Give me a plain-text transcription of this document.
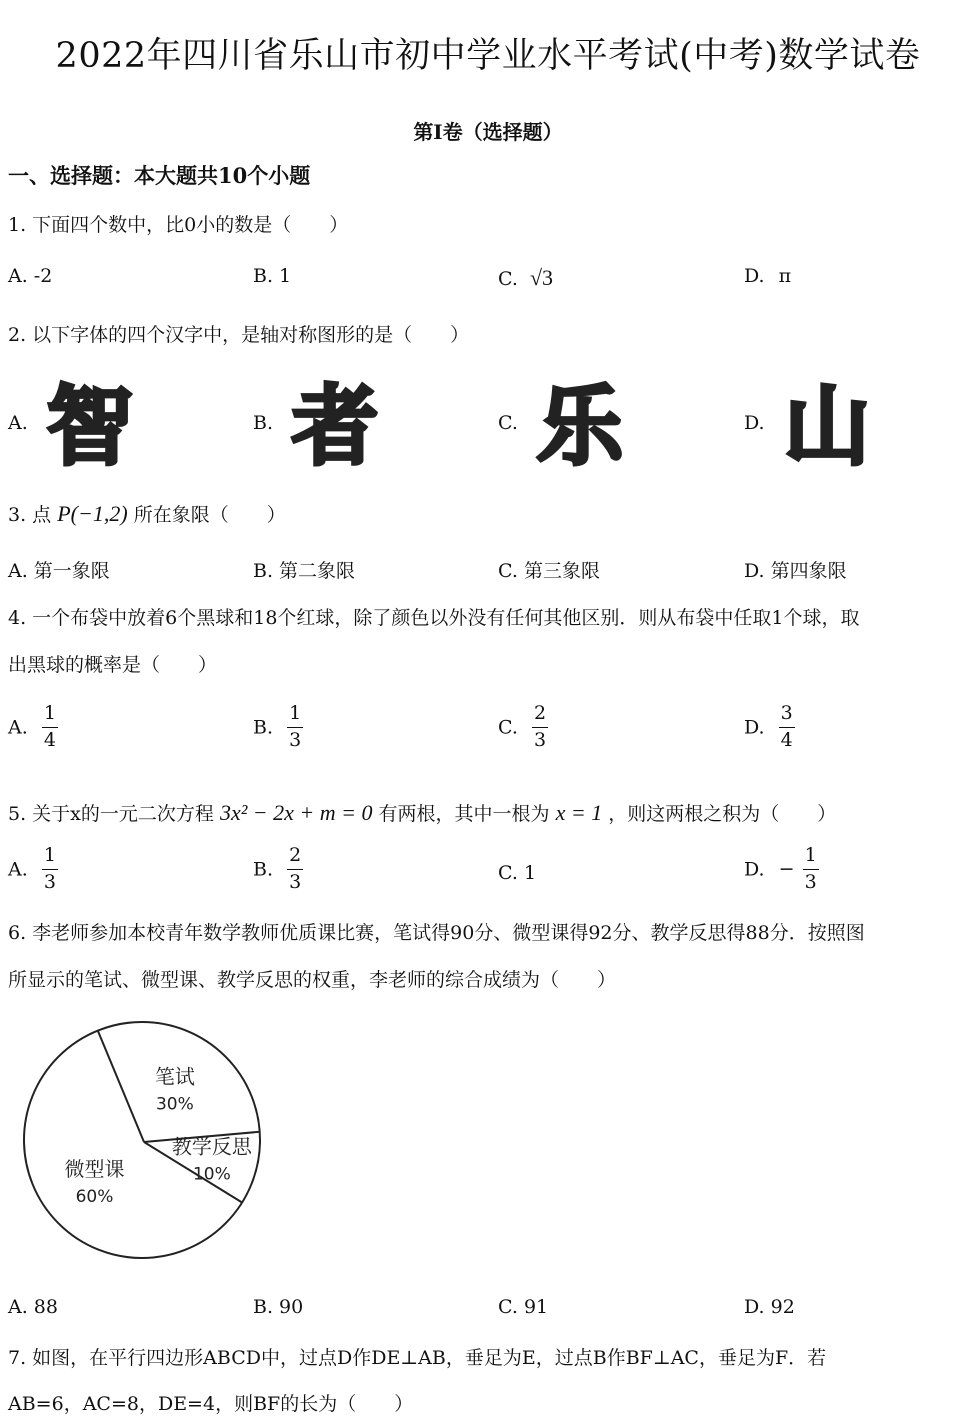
2022年四川省乐山市初中学业水平考试(中考)数学试卷
第Ⅰ卷（选择题）
一、选择题：本大题共10个小题
1. 下面四个数中，比0小的数是（　　）
A. -2	B. 1	C. √3	D. π
2. 以下字体的四个汉字中，是轴对称图形的是（　　）
A. 智	B. 者	C. 乐	D. 山
3. 点 P(−1,2) 所在象限（　　）
A. 第一象限	B. 第二象限	C. 第三象限	D. 第四象限
4. 一个布袋中放着6个黑球和18个红球，除了颜色以外没有任何其他区别．则从布袋中任取1个球，取
出黑球的概率是（　　）
A. $\frac{1}{4}$	B. $\frac{1}{3}$	C. $\frac{2}{3}$	D. $\frac{3}{4}$
5. 关于x的一元二次方程 3x² − 2x + m = 0 有两根，其中一根为 x = 1 ，则这两根之积为（　　）
A. $\frac{1}{3}$	B. $\frac{2}{3}$	C. 1	D. − $\frac{1}{3}$
6. 李老师参加本校青年数学教师优质课比赛，笔试得90分、微型课得92分、教学反思得88分．按照图
所显示的笔试、微型课、教学反思的权重，李老师的综合成绩为（　　）
笔试
30%
教学反思
10%
微型课
60%
A. 88	B. 90	C. 91	D. 92
7. 如图，在平行四边形ABCD中，过点D作DE⊥AB，垂足为E，过点B作BF⊥AC，垂足为F．若
AB=6，AC=8，DE=4，则BF的长为（　　）
